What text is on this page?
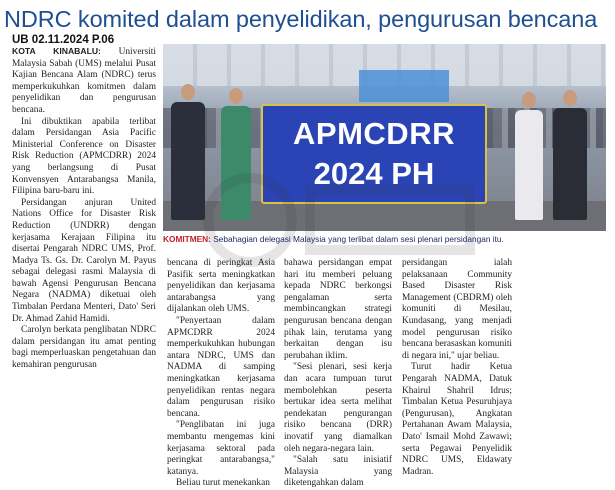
NDRC komited dalam penyelidikan, pengurusan bencana
UB 02.11.2024 P.06

KOTA KINABALU: Universiti Malaysia Sabah (UMS) melalui Pusat Kajian Bencana Alam (NDRC) terus memperkukuhkan komitmen dalam penyelidikan dan pengurusan bencana.

Ini dibuktikan apabila terlibat dalam Persidangan Asia Pacific Ministerial Conference on Disaster Risk Reduction (APMCDRR) 2024 yang berlangsung di Pusat Konvensyen Antarabangsa Manila, Filipina baru-baru ini.

Persidangan anjuran United Nations Office for Disaster Risk Reduction (UNDRR) dengan kerjasama Kerajaan Filipina itu disertai Pengarah NDRC UMS, Prof. Madya Ts. Gs. Dr. Carolyn M. Payus sebagai delegasi rasmi Malaysia di bawah Agensi Pengurusan Bencana Negara (NADMA) diketuai oleh Timbalan Perdana Menteri, Dato' Seri Dr. Ahmad Zahid Hamidi.

Carolyn berkata penglibatan NDRC dalam persidangan itu amat penting bagi memperluaskan pengetahuan dan kemahiran pengurusan

APMCDRR
2024 PH
KOMITMEN: Sebahagian delegasi Malaysia yang terlibat dalam sesi plenari persidangan itu.

bencana di peringkat Asia Pasifik serta meningkatkan penyelidikan dan kerjasama antarabangsa yang dijalankan oleh UMS.

"Penyertaan dalam APMCDRR 2024 memperkukuhkan hubungan antara NDRC, UMS dan NADMA di samping meningkatkan kerjasama penyelidikan rentas negara dalam pengurusan risiko bencana.

"Penglibatan ini juga membantu mengemas kini kerjasama sektoral pada peringkat antarabangsa," katanya.

Beliau turut menekankan

bahawa persidangan empat hari itu memberi peluang kepada NDRC berkongsi pengalaman serta membincangkan strategi pengurusan bencana dengan pihak lain, terutama yang berkaitan dengan isu perubahan iklim.

"Sesi plenari, sesi kerja dan acara tumpuan turut membolehkan peserta bertukar idea serta melihat pendekatan pengurangan risiko bencana (DRR) inovatif yang diamalkan oleh negara-negara lain.

"Salah satu inisiatif Malaysia yang diketengahkan dalam

persidangan ialah pelaksanaan Community Based Disaster Risk Management (CBDRM) oleh komuniti di Mesilau, Kundasang, yang menjadi model pengurusan risiko bencana berasaskan komuniti di negara ini," ujar beliau.

Turut hadir Ketua Pengarah NADMA, Datuk Khairul Shahril Idrus; Timbalan Ketua Pesuruhjaya (Pengurusan), Angkatan Pertahanan Awam Malaysia, Dato' Ismail Mohd Zawawi; serta Pegawai Penyelidik NDRC UMS, Eldawaty Madran.
